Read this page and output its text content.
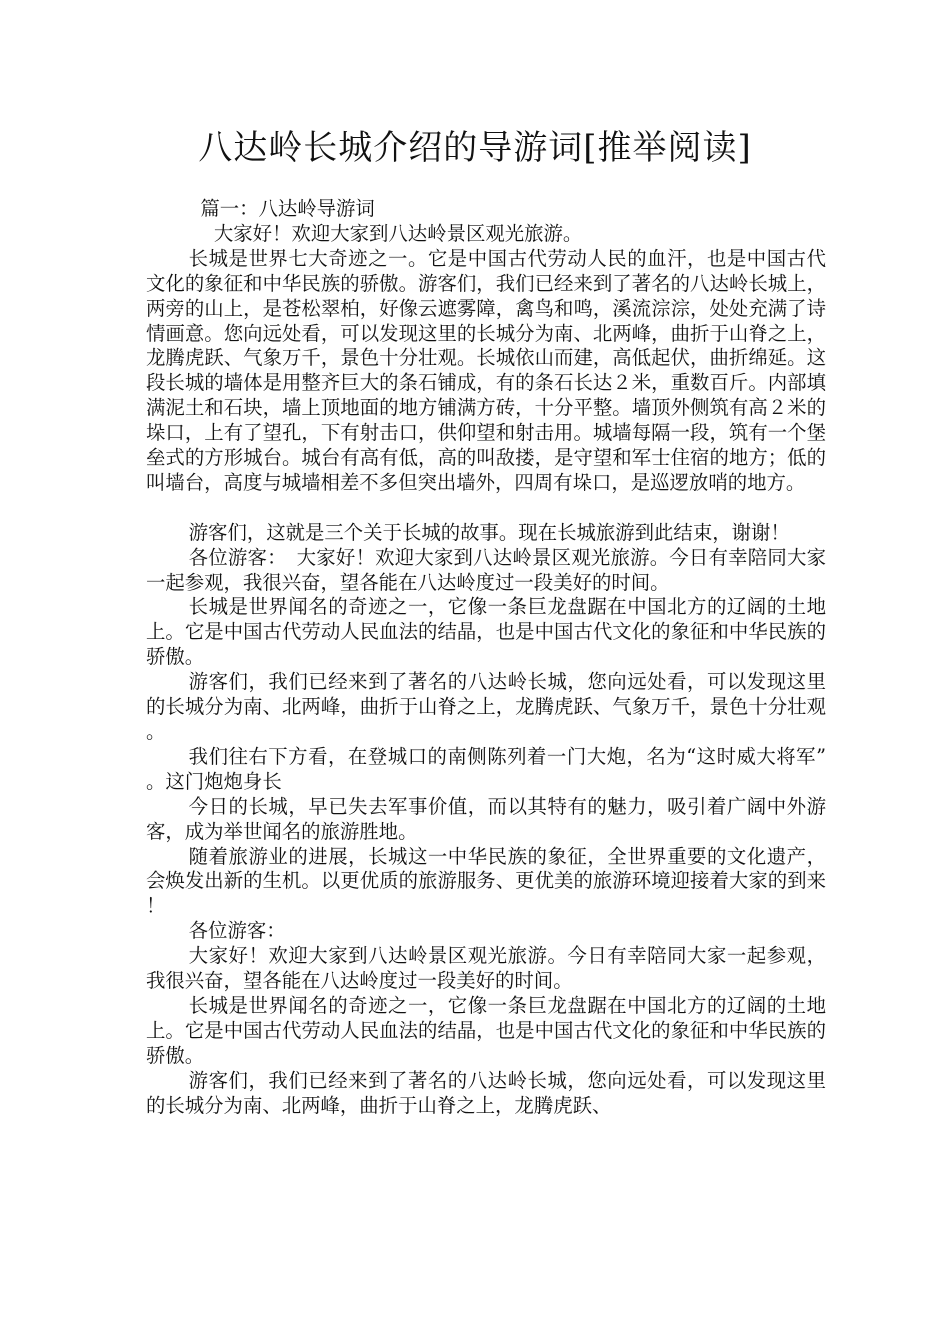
八达岭长城介绍的导游词[推举阅读]

篇一：八达岭导游词

大家好！欢迎大家到八达岭景区观光旅游。

长城是世界七大奇迹之一。它是中国古代劳动人民的血汗，也是中国古代文化的象征和中华民族的骄傲。游客们，我们已经来到了著名的八达岭长城上，两旁的山上，是苍松翠柏，好像云遮雾障，禽鸟和鸣，溪流淙淙，处处充满了诗情画意。您向远处看，可以发现这里的长城分为南、北两峰，曲折于山脊之上，龙腾虎跃、气象万千，景色十分壮观。长城依山而建，高低起伏，曲折绵延。这段长城的墙体是用整齐巨大的条石铺成，有的条石长达２米，重数百斤。内部填满泥土和石块，墙上顶地面的地方铺满方砖，十分平整。墙顶外侧筑有高２米的垛口，上有了望孔，下有射击口，供仰望和射击用。城墙每隔一段，筑有一个堡垒式的方形城台。城台有高有低，高的叫敌搂，是守望和军士住宿的地方；低的叫墙台，高度与城墙相差不多但突出墙外，四周有垛口，是巡逻放哨的地方。

游客们，这就是三个关于长城的故事。现在长城旅游到此结束，谢谢！

各位游客：　大家好！欢迎大家到八达岭景区观光旅游。今日有幸陪同大家一起参观，我很兴奋，望各能在八达岭度过一段美好的时间。

长城是世界闻名的奇迹之一，它像一条巨龙盘踞在中国北方的辽阔的土地上。它是中国古代劳动人民血法的结晶，也是中国古代文化的象征和中华民族的骄傲。

游客们，我们已经来到了著名的八达岭长城，您向远处看，可以发现这里的长城分为南、北两峰，曲折于山脊之上，龙腾虎跃、气象万千，景色十分壮观。

我们往右下方看，在登城口的南侧陈列着一门大炮，名为“这时威大将军”。这门炮炮身长

今日的长城，早已失去军事价值，而以其特有的魅力，吸引着广阔中外游客，成为举世闻名的旅游胜地。

随着旅游业的进展，长城这一中华民族的象征，全世界重要的文化遗产，会焕发出新的生机。以更优质的旅游服务、更优美的旅游环境迎接着大家的到来！

各位游客：

大家好！欢迎大家到八达岭景区观光旅游。今日有幸陪同大家一起参观，我很兴奋，望各能在八达岭度过一段美好的时间。

长城是世界闻名的奇迹之一，它像一条巨龙盘踞在中国北方的辽阔的土地上。它是中国古代劳动人民血法的结晶，也是中国古代文化的象征和中华民族的骄傲。

游客们，我们已经来到了著名的八达岭长城，您向远处看，可以发现这里的长城分为南、北两峰，曲折于山脊之上，龙腾虎跃、
